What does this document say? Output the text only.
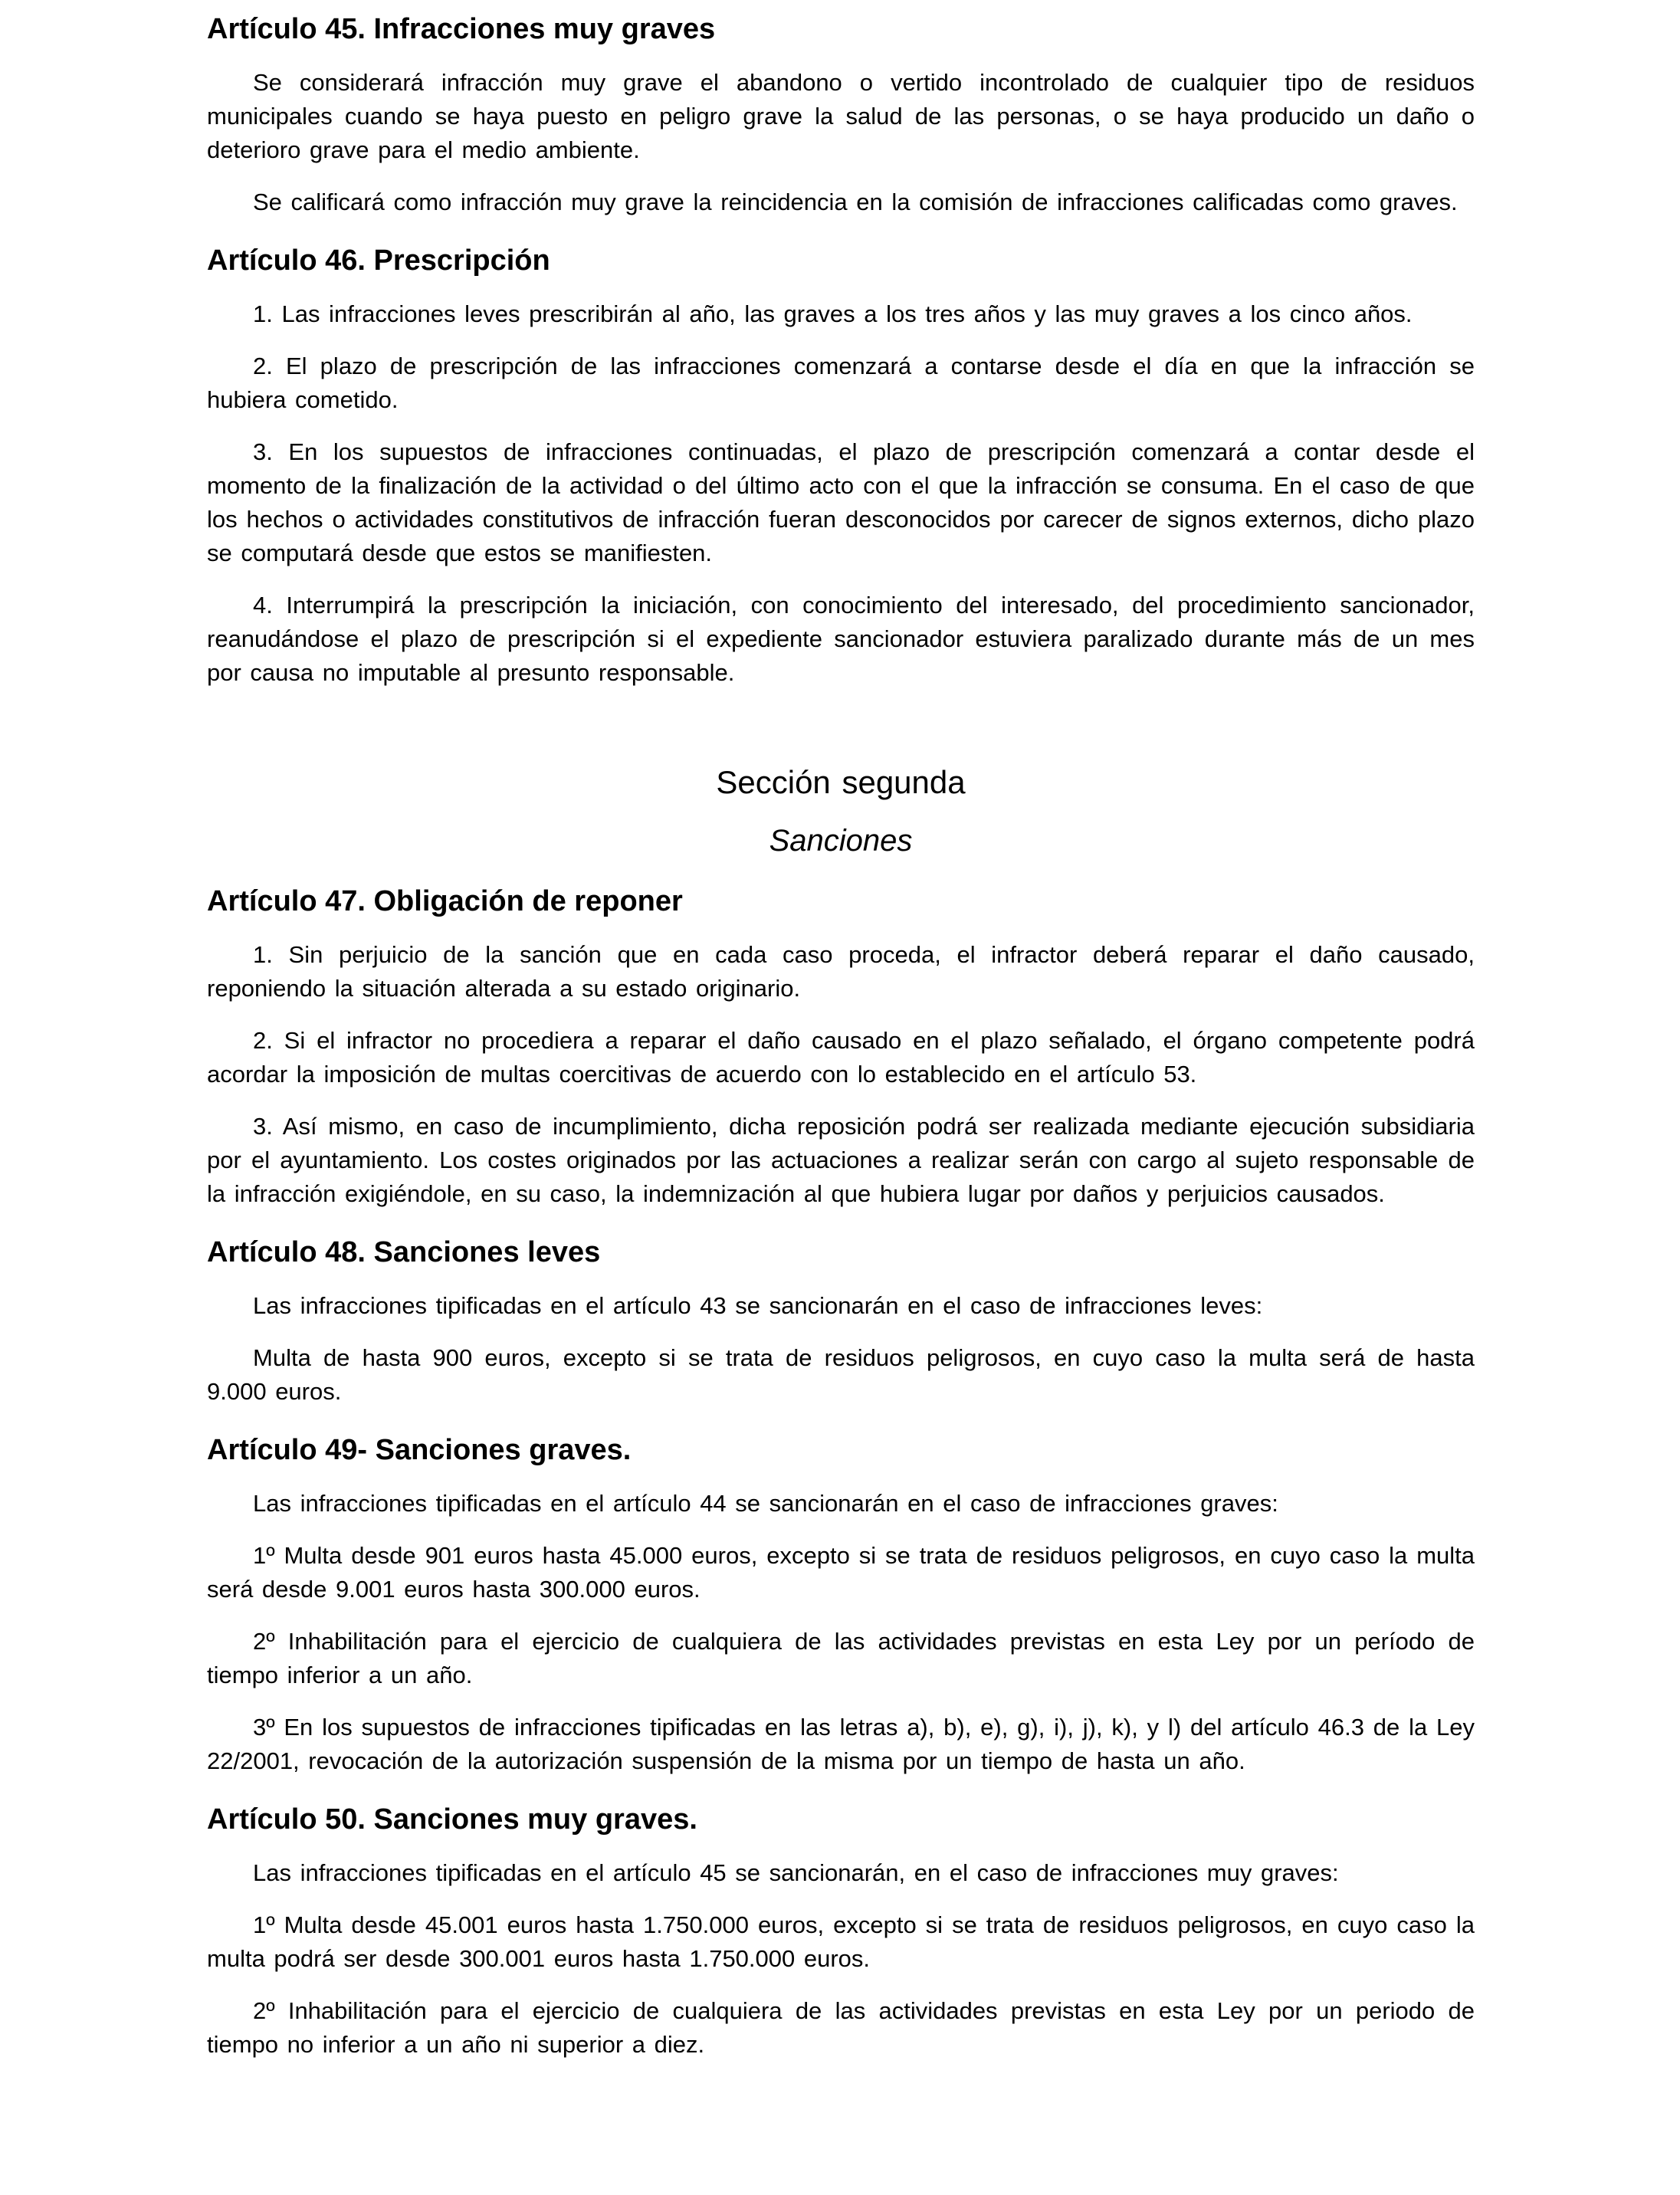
Artículo 45. Infracciones muy graves

Se considerará infracción muy grave el abandono o vertido incontrolado de cualquier tipo de residuos municipales cuando se haya puesto en peligro grave la salud de las personas, o se haya producido un daño o deterioro grave para el medio ambiente.

Se calificará como infracción muy grave la reincidencia en la comisión de infracciones calificadas como graves.

Artículo 46. Prescripción

1. Las infracciones leves prescribirán al año, las graves a los tres años y las muy graves a los cinco años.

2. El plazo de prescripción de las infracciones comenzará a contarse desde el día en que la infracción se hubiera cometido.

3. En los supuestos de infracciones continuadas, el plazo de prescripción comenzará a contar desde el momento de la finalización de la actividad o del último acto con el que la infracción se consuma. En el caso de que los hechos o actividades constitutivos de infracción fueran desconocidos por carecer de signos externos, dicho plazo se computará desde que estos se manifiesten.

4. Interrumpirá la prescripción la iniciación, con conocimiento del interesado, del procedimiento sancionador, reanudándose el plazo de prescripción si el expediente sancionador estuviera paralizado durante más de un mes por causa no imputable al presunto responsable.

Sección segunda

Sanciones

Artículo 47. Obligación de reponer

1. Sin perjuicio de la sanción que en cada caso proceda, el infractor deberá reparar el daño causado, reponiendo la situación alterada a su estado originario.

2. Si el infractor no procediera a reparar el daño causado en el plazo señalado, el órgano competente podrá acordar la imposición de multas coercitivas de acuerdo con lo establecido en el artículo 53.

3. Así mismo, en caso de incumplimiento, dicha reposición podrá ser realizada mediante ejecución subsidiaria por el ayuntamiento. Los costes originados por las actuaciones a realizar serán con cargo al sujeto responsable de la infracción exigiéndole, en su caso, la indemnización al que hubiera lugar por daños y perjuicios causados.

Artículo 48. Sanciones leves

Las infracciones tipificadas en el artículo 43 se sancionarán en el caso de infracciones leves:

Multa de hasta 900 euros, excepto si se trata de residuos peligrosos, en cuyo caso la multa será de hasta 9.000 euros.

Artículo 49- Sanciones graves.

Las infracciones tipificadas en el artículo 44 se sancionarán en el caso de infracciones graves:

1º Multa desde 901 euros hasta 45.000 euros, excepto si se trata de residuos peligrosos, en cuyo caso la multa será desde 9.001 euros hasta 300.000 euros.

2º Inhabilitación para el ejercicio de cualquiera de las actividades previstas en esta Ley por un período de tiempo inferior a un año.

3º En los supuestos de infracciones tipificadas en las letras a), b), e), g), i), j), k), y l) del artículo 46.3 de la Ley 22/2001, revocación de la autorización suspensión de la misma por un tiempo de hasta un año.

Artículo 50. Sanciones muy graves.

Las infracciones tipificadas en el artículo 45 se sancionarán, en el caso de infracciones muy graves:

1º Multa desde 45.001 euros hasta 1.750.000 euros, excepto si se trata de residuos peligrosos, en cuyo caso la multa podrá ser desde 300.001 euros hasta 1.750.000 euros.

2º Inhabilitación para el ejercicio de cualquiera de las actividades previstas en esta Ley por un periodo de tiempo no inferior a un año ni superior a diez.
